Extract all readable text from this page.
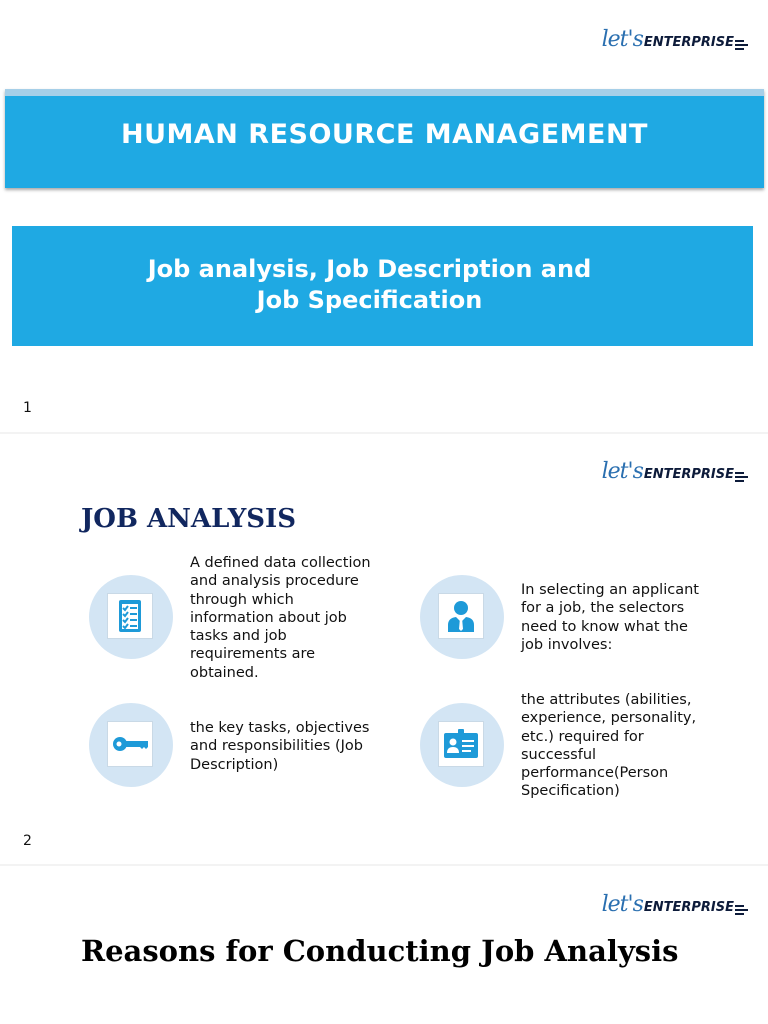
let's ENTERPRISE
HUMAN RESOURCE MANAGEMENT
Job analysis, Job Description and
Job Specification
1
let's ENTERPRISE
JOB ANALYSIS
A defined data collection
and analysis procedure
through which
information about job
tasks and job
requirements are
obtained.
In selecting an applicant
for a job, the selectors
need to know what the
job involves:
the key tasks, objectives
and responsibilities (Job
Description)
the attributes (abilities,
experience, personality,
etc.) required for
successful
performance(Person
Specification)
2
let's ENTERPRISE
Reasons for Conducting Job Analysis
